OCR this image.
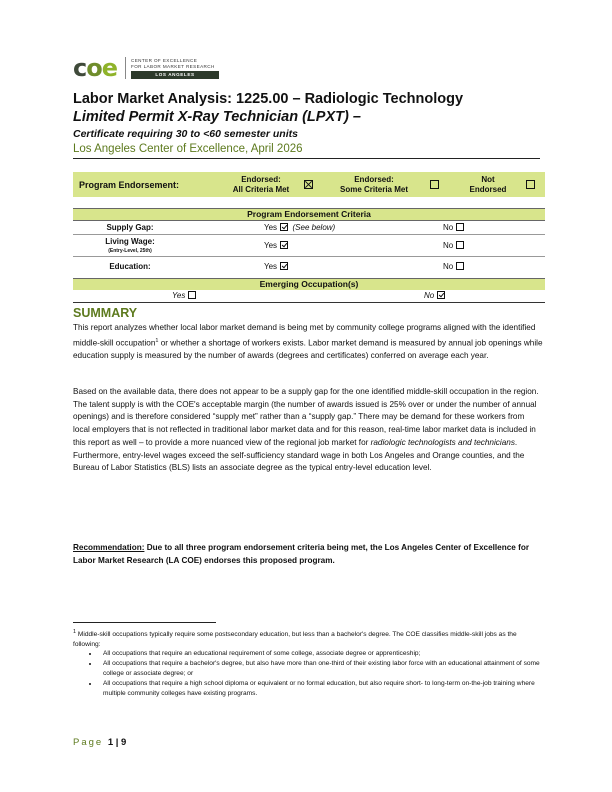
coe	CENTER OF EXCELLENCE
FOR LABOR MARKET RESEARCH
LOS ANGELES
Labor Market Analysis: 1225.00 – Radiologic Technology
Limited Permit X-Ray Technician (LPXT) –
Certificate requiring 30 to <60 semester units
Los Angeles Center of Excellence, April 2026
Program Endorsement:
Endorsed:
All Criteria Met
Endorsed:
Some Criteria Met
Not
Endorsed
Program Endorsement Criteria
Supply Gap:	Yes (See below)	No
Living Wage:
(Entry-Level, 25th)
Yes	No
Education:	Yes	No
Emerging Occupation(s)
Yes	No
SUMMARY
This report analyzes whether local labor market demand is being met by community college programs aligned with the identified middle-skill occupation$^1$ or whether a shortage of workers exists. Labor market demand is measured by annual job openings while education supply is measured by the number of awards (degrees and certificates) conferred on average each year.
Based on the available data, there does not appear to be a supply gap for the one identified middle-skill occupation in the region. The talent supply is with the COE's acceptable margin (the number of awards issued is 25% over or under the number of annual openings) and is therefore considered “supply met” rather than a “supply gap.” There may be demand for these workers from local employers that is not reflected in traditional labor market data and for this reason, real-time labor market data is included in this report as well – to provide a more nuanced view of the regional job market for radiologic technologists and technicians. Furthermore, entry-level wages exceed the self-sufficiency standard wage in both Los Angeles and Orange counties, and the Bureau of Labor Statistics (BLS) lists an associate degree as the typical entry-level education level.
Recommendation: Due to all three program endorsement criteria being met, the Los Angeles Center of Excellence for Labor Market Research (LA COE) endorses this proposed program.
$^1$ Middle-skill occupations typically require some postsecondary education, but less than a bachelor's degree. The COE classifies middle-skill jobs as the following:
• All occupations that require an educational requirement of some college, associate degree or apprenticeship;
• All occupations that require a bachelor's degree, but also have more than one-third of their existing labor force with an educational attainment of some college or associate degree; or
• All occupations that require a high school diploma or equivalent or no formal education, but also require short- to long-term on-the-job training where multiple community colleges have existing programs.
Page 1 | 9
